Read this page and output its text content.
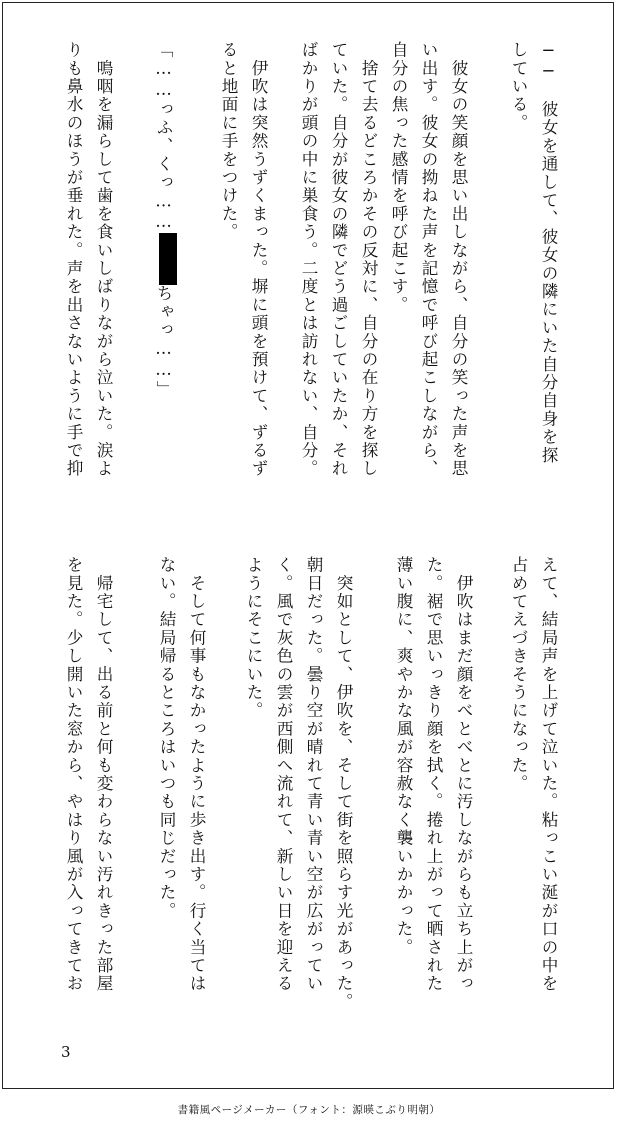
──　彼女を通して、彼女の隣にいた自分自身を探
している。
　彼女の笑顔を思い出しながら、自分の笑った声を思
い出す。彼女の拗ねた声を記憶で呼び起こしながら、
自分の焦った感情を呼び起こす。
　捨て去るどころかその反対に、自分の在り方を探し
ていた。自分が彼女の隣でどう過ごしていたか、それ
ばかりが頭の中に巣食う。二度とは訪れない、自分。
　伊吹は突然うずくまった。塀に頭を預けて、ずるず
ると地面に手をつけた。
「……っふ、くっ……ちゃっ……」
　鳴咽を漏らして歯を食いしばりながら泣いた。涙よ
りも鼻水のほうが垂れた。声を出さないように手で抑
えて、結局声を上げて泣いた。粘っこい涎が口の中を
占めてえづきそうになった。
　伊吹はまだ顔をべとべとに汚しながらも立ち上がっ
た。裾で思いっきり顔を拭く。捲れ上がって晒された
薄い腹に、爽やかな風が容赦なく襲いかかった。
　突如として、伊吹を、そして街を照らす光があった。
朝日だった。曇り空が晴れて青い青い空が広がってい
く。風で灰色の雲が西側へ流れて、新しい日を迎える
ようにそこにいた。
　そして何事もなかったように歩き出す。行く当ては
ない。結局帰るところはいつも同じだった。
　帰宅して、出る前と何も変わらない汚れきった部屋
を見た。少し開いた窓から、やはり風が入ってきてお
3
書籍風ページメーカー（フォント：源暎こぶり明朝）
